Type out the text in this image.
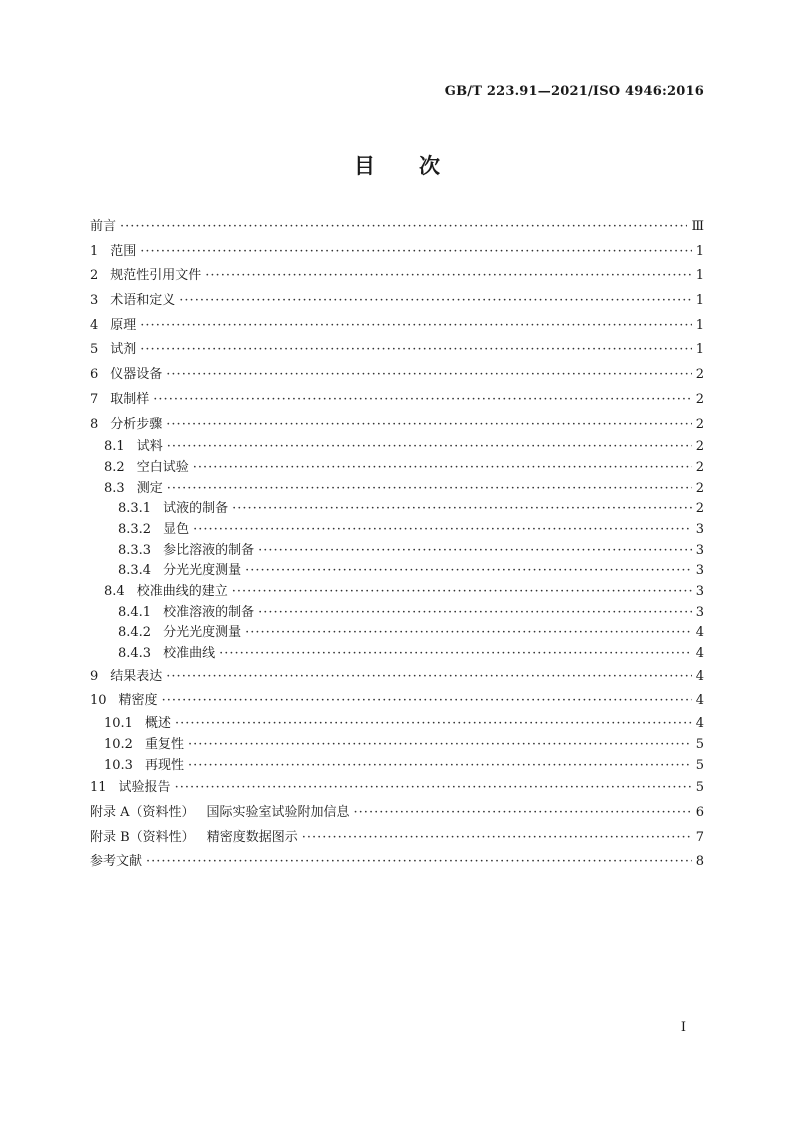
GB/T 223.91—2021/ISO 4946:2016
目次
前言 ·····	Ⅲ
1 范围 ·····	1
2 规范性引用文件 ·····	1
3 术语和定义 ·····	1
4 原理 ·····	1
5 试剂 ·····	1
6 仪器设备 ·····	2
7 取制样 ·····	2
8 分析步骤 ·····	2
8.1 试料 ·····	2
8.2 空白试验 ·····	2
8.3 测定 ·····	2
8.3.1 试液的制备 ·····	2
8.3.2 显色 ·····	3
8.3.3 参比溶液的制备 ·····	3
8.3.4 分光光度测量 ·····	3
8.4 校准曲线的建立 ·····	3
8.4.1 校准溶液的制备 ·····	3
8.4.2 分光光度测量 ·····	4
8.4.3 校准曲线 ·····	4
9 结果表达 ·····	4
10 精密度 ·····	4
10.1 概述 ·····	4
10.2 重复性 ·····	5
10.3 再现性 ·····	5
11 试验报告 ·····	5
附录 A（资料性） 国际实验室试验附加信息 ·····	6
附录 B（资料性） 精密度数据图示 ·····	7
参考文献 ·····	8
I
